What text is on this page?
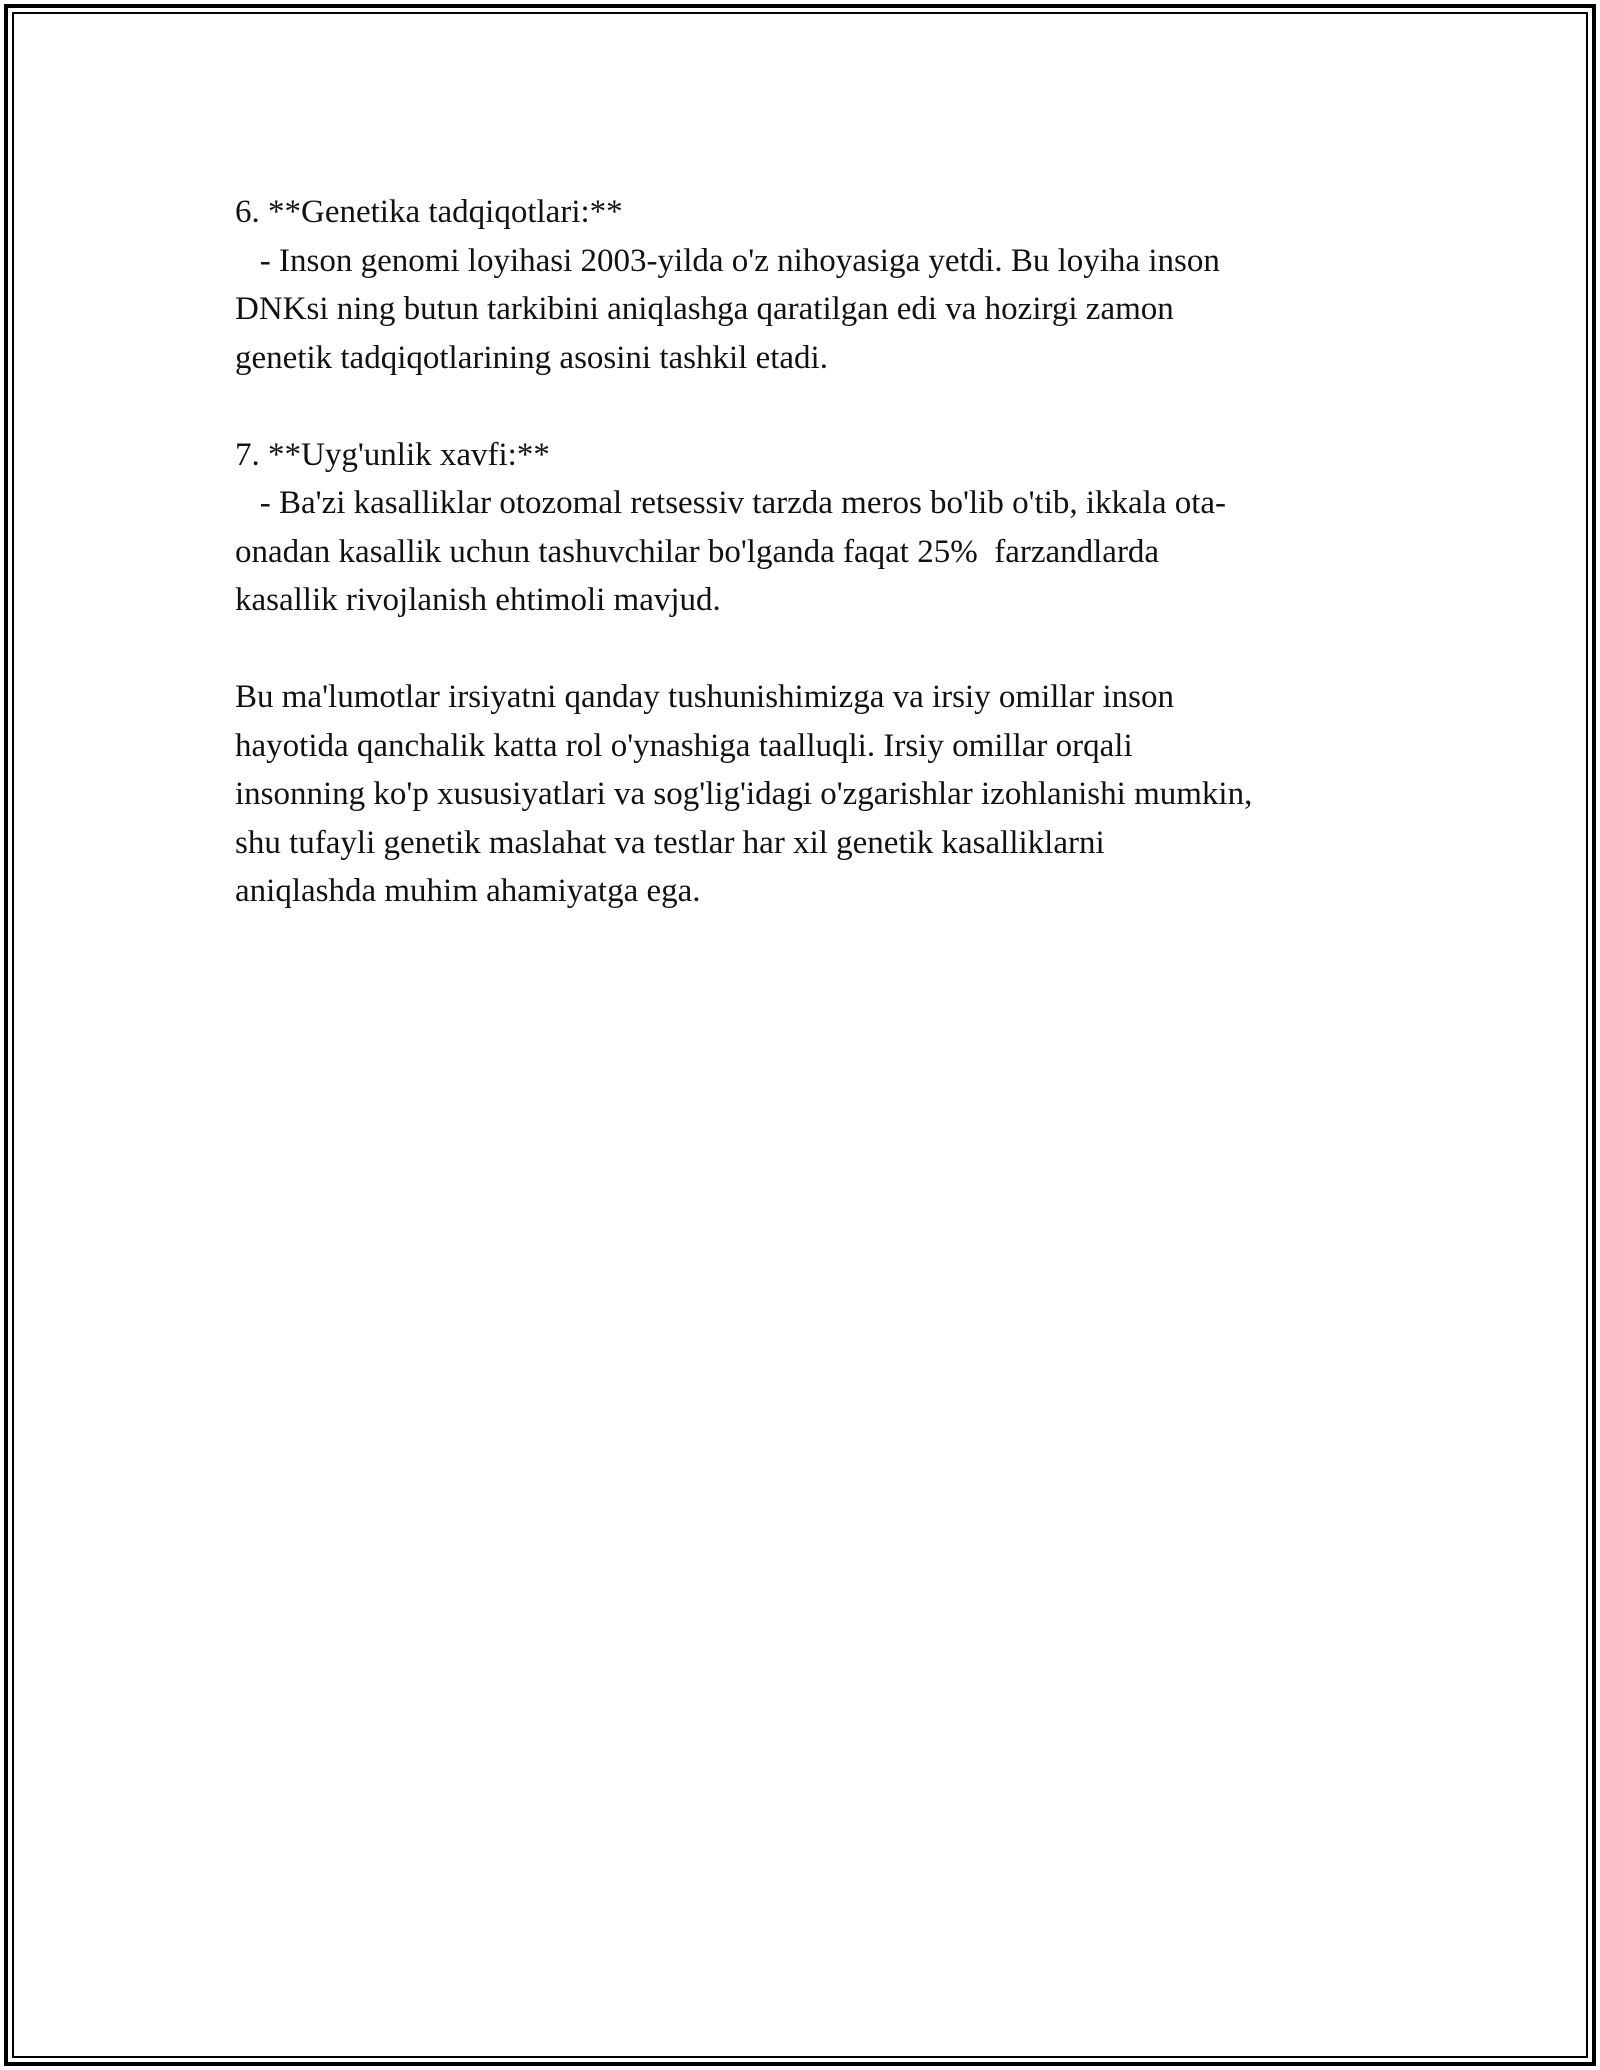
6. **Genetika tadqiqotlari:**
- Inson genomi loyihasi 2003-yilda o'z nihoyasiga yetdi. Bu loyiha inson
DNKsi ning butun tarkibini aniqlashga qaratilgan edi va hozirgi zamon
genetik tadqiqotlarining asosini tashkil etadi.
7. **Uyg'unlik xavfi:**
- Ba'zi kasalliklar otozomal retsessiv tarzda meros bo'lib o'tib, ikkala ota-
onadan kasallik uchun tashuvchilar bo'lganda faqat 25%  farzandlarda
kasallik rivojlanish ehtimoli mavjud.
Bu ma'lumotlar irsiyatni qanday tushunishimizga va irsiy omillar inson
hayotida qanchalik katta rol o'ynashiga taalluqli. Irsiy omillar orqali
insonning ko'p xususiyatlari va sog'lig'idagi o'zgarishlar izohlanishi mumkin,
shu tufayli genetik maslahat va testlar har xil genetik kasalliklarni
aniqlashda muhim ahamiyatga ega.
